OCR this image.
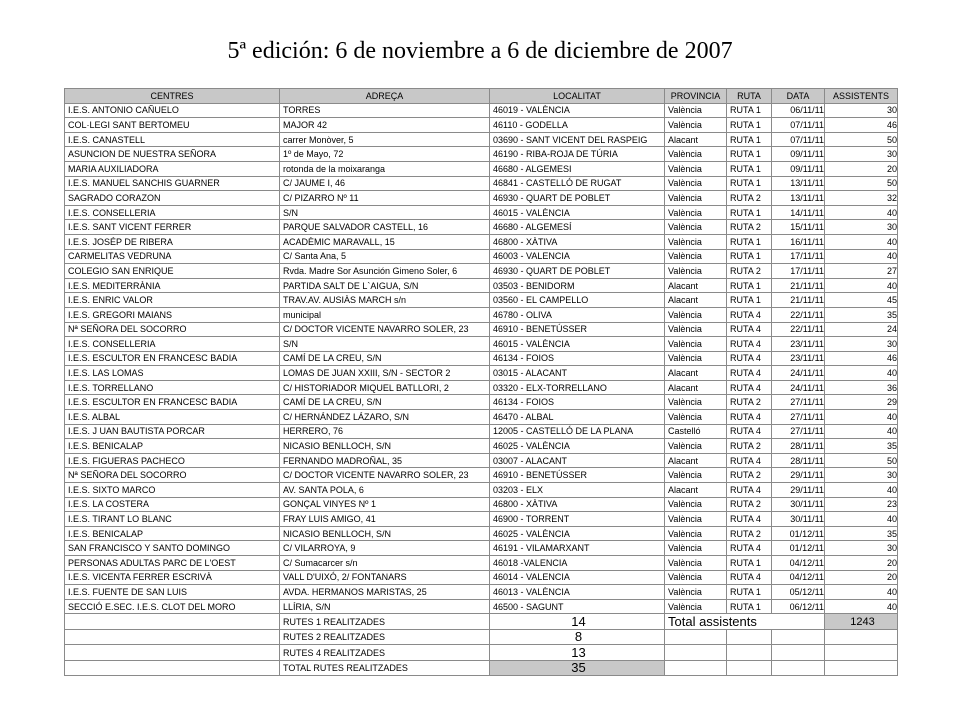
5ª edición: 6 de noviembre a 6 de diciembre de 2007
CENTRES	ADREÇA	LOCALITAT	PROVINCIA	RUTA	DATA	ASSISTENTS
I.E.S. ANTONIO CAÑUELO	TORRES	46019 - VALÈNCIA	València	RUTA 1	06/11/11	30
COL·LEGI SANT BERTOMEU	MAJOR 42	46110 - GODELLA	València	RUTA 1	07/11/11	46
I.E.S. CANASTELL	carrer Monòver, 5	03690 - SANT VICENT DEL RASPEIG	Alacant	RUTA 1	07/11/11	50
ASUNCION DE NUESTRA SEÑORA	1º de Mayo, 72	46190 - RIBA-ROJA DE TÚRIA	València	RUTA 1	09/11/11	30
MARIA AUXILIADORA	rotonda de la moixaranga	46680 - ALGEMESI	València	RUTA 1	09/11/11	20
I.E.S. MANUEL SANCHIS GUARNER	C/ JAUME I, 46	46841 - CASTELLÓ DE RUGAT	València	RUTA 1	13/11/11	50
SAGRADO CORAZON	C/ PIZARRO Nº 11	46930 - QUART DE POBLET	València	RUTA 2	13/11/11	32
I.E.S. CONSELLERIA	S/N	46015 - VALÈNCIA	València	RUTA 1	14/11/11	40
I.E.S. SANT VICENT FERRER	PARQUE SALVADOR CASTELL, 16	46680 - ALGEMESÍ	València	RUTA 2	15/11/11	30
I.E.S. JOSÉP DE RIBERA	ACADÈMIC MARAVALL, 15	46800 - XÀTIVA	València	RUTA 1	16/11/11	40
CARMELITAS VEDRUNA	C/ Santa Ana, 5	46003 - VALENCIA	València	RUTA 1	17/11/11	40
COLEGIO SAN ENRIQUE	Rvda. Madre Sor Asunción Gimeno Soler, 6	46930 - QUART DE POBLET	València	RUTA 2	17/11/11	27
I.E.S. MEDITERRÀNIA	PARTIDA SALT DE L`AIGUA, S/N	03503 - BENIDORM	Alacant	RUTA 1	21/11/11	40
I.E.S. ENRIC VALOR	TRAV.AV. AUSIÀS MARCH s/n	03560 - EL CAMPELLO	Alacant	RUTA 1	21/11/11	45
I.E.S. GREGORI MAIANS	municipal	46780 - OLIVA	València	RUTA 4	22/11/11	35
Nª SEÑORA DEL SOCORRO	C/ DOCTOR VICENTE NAVARRO SOLER, 23	46910 - BENETÚSSER	València	RUTA 4	22/11/11	24
I.E.S. CONSELLERIA	S/N	46015 - VALÈNCIA	València	RUTA 4	23/11/11	30
I.E.S. ESCULTOR EN FRANCESC BADIA	CAMÍ DE LA CREU, S/N	46134 - FOIOS	València	RUTA 4	23/11/11	46
I.E.S. LAS LOMAS	LOMAS DE JUAN XXIII, S/N - SECTOR 2	03015 - ALACANT	Alacant	RUTA 4	24/11/11	40
I.E.S. TORRELLANO	C/ HISTORIADOR MIQUEL BATLLORI, 2	03320 - ELX-TORRELLANO	Alacant	RUTA 4	24/11/11	36
I.E.S. ESCULTOR EN FRANCESC BADIA	CAMÍ DE LA CREU, S/N	46134 - FOIOS	València	RUTA 2	27/11/11	29
I.E.S. ALBAL	C/ HERNÁNDEZ LÁZARO, S/N	46470 - ALBAL	València	RUTA 4	27/11/11	40
I.E.S. J UAN BAUTISTA PORCAR	HERRERO, 76	12005 - CASTELLÓ DE LA PLANA	Castelló	RUTA 4	27/11/11	40
I.E.S. BENICALAP	NICASIO BENLLOCH, S/N	46025 - VALÈNCIA	València	RUTA 2	28/11/11	35
I.E.S. FIGUERAS PACHECO	FERNANDO MADROÑAL, 35	03007 - ALACANT	Alacant	RUTA 4	28/11/11	50
Nª SEÑORA DEL SOCORRO	C/ DOCTOR VICENTE NAVARRO SOLER, 23	46910 - BENETÚSSER	València	RUTA 2	29/11/11	30
I.E.S. SIXTO MARCO	AV. SANTA POLA, 6	03203 - ELX	Alacant	RUTA 4	29/11/11	40
I.E.S. LA COSTERA	GONÇAL VINYES Nº 1	46800 - XÀTIVA	València	RUTA 2	30/11/11	23
I.E.S. TIRANT LO BLANC	FRAY LUIS AMIGO, 41	46900 - TORRENT	València	RUTA 4	30/11/11	40
I.E.S. BENICALAP	NICASIO BENLLOCH, S/N	46025 - VALÈNCIA	València	RUTA 2	01/12/11	35
SAN FRANCISCO Y SANTO DOMINGO	C/ VILARROYA, 9	46191 - VILAMARXANT	València	RUTA 4	01/12/11	30
PERSONAS ADULTAS PARC DE L'OEST	C/ Sumacarcer s/n	46018 -VALENCIA	València	RUTA 1	04/12/11	20
I.E.S. VICENTA FERRER ESCRIVÀ	VALL D'UIXÓ, 2/ FONTANARS	46014 - VALENCIA	València	RUTA 4	04/12/11	20
I.E.S. FUENTE DE SAN LUIS	AVDA. HERMANOS MARISTAS, 25	46013 - VALÈNCIA	València	RUTA 1	05/12/11	40
SECCIÓ E.SEC. I.E.S. CLOT DEL MORO	LLÍRIA, S/N	46500 - SAGUNT	València	RUTA 1	06/12/11	40
	RUTES 1 REALITZADES	14	Total assistents			1243
	RUTES 2 REALITZADES	8				
	RUTES 4 REALITZADES	13				
	TOTAL RUTES REALITZADES	35				
